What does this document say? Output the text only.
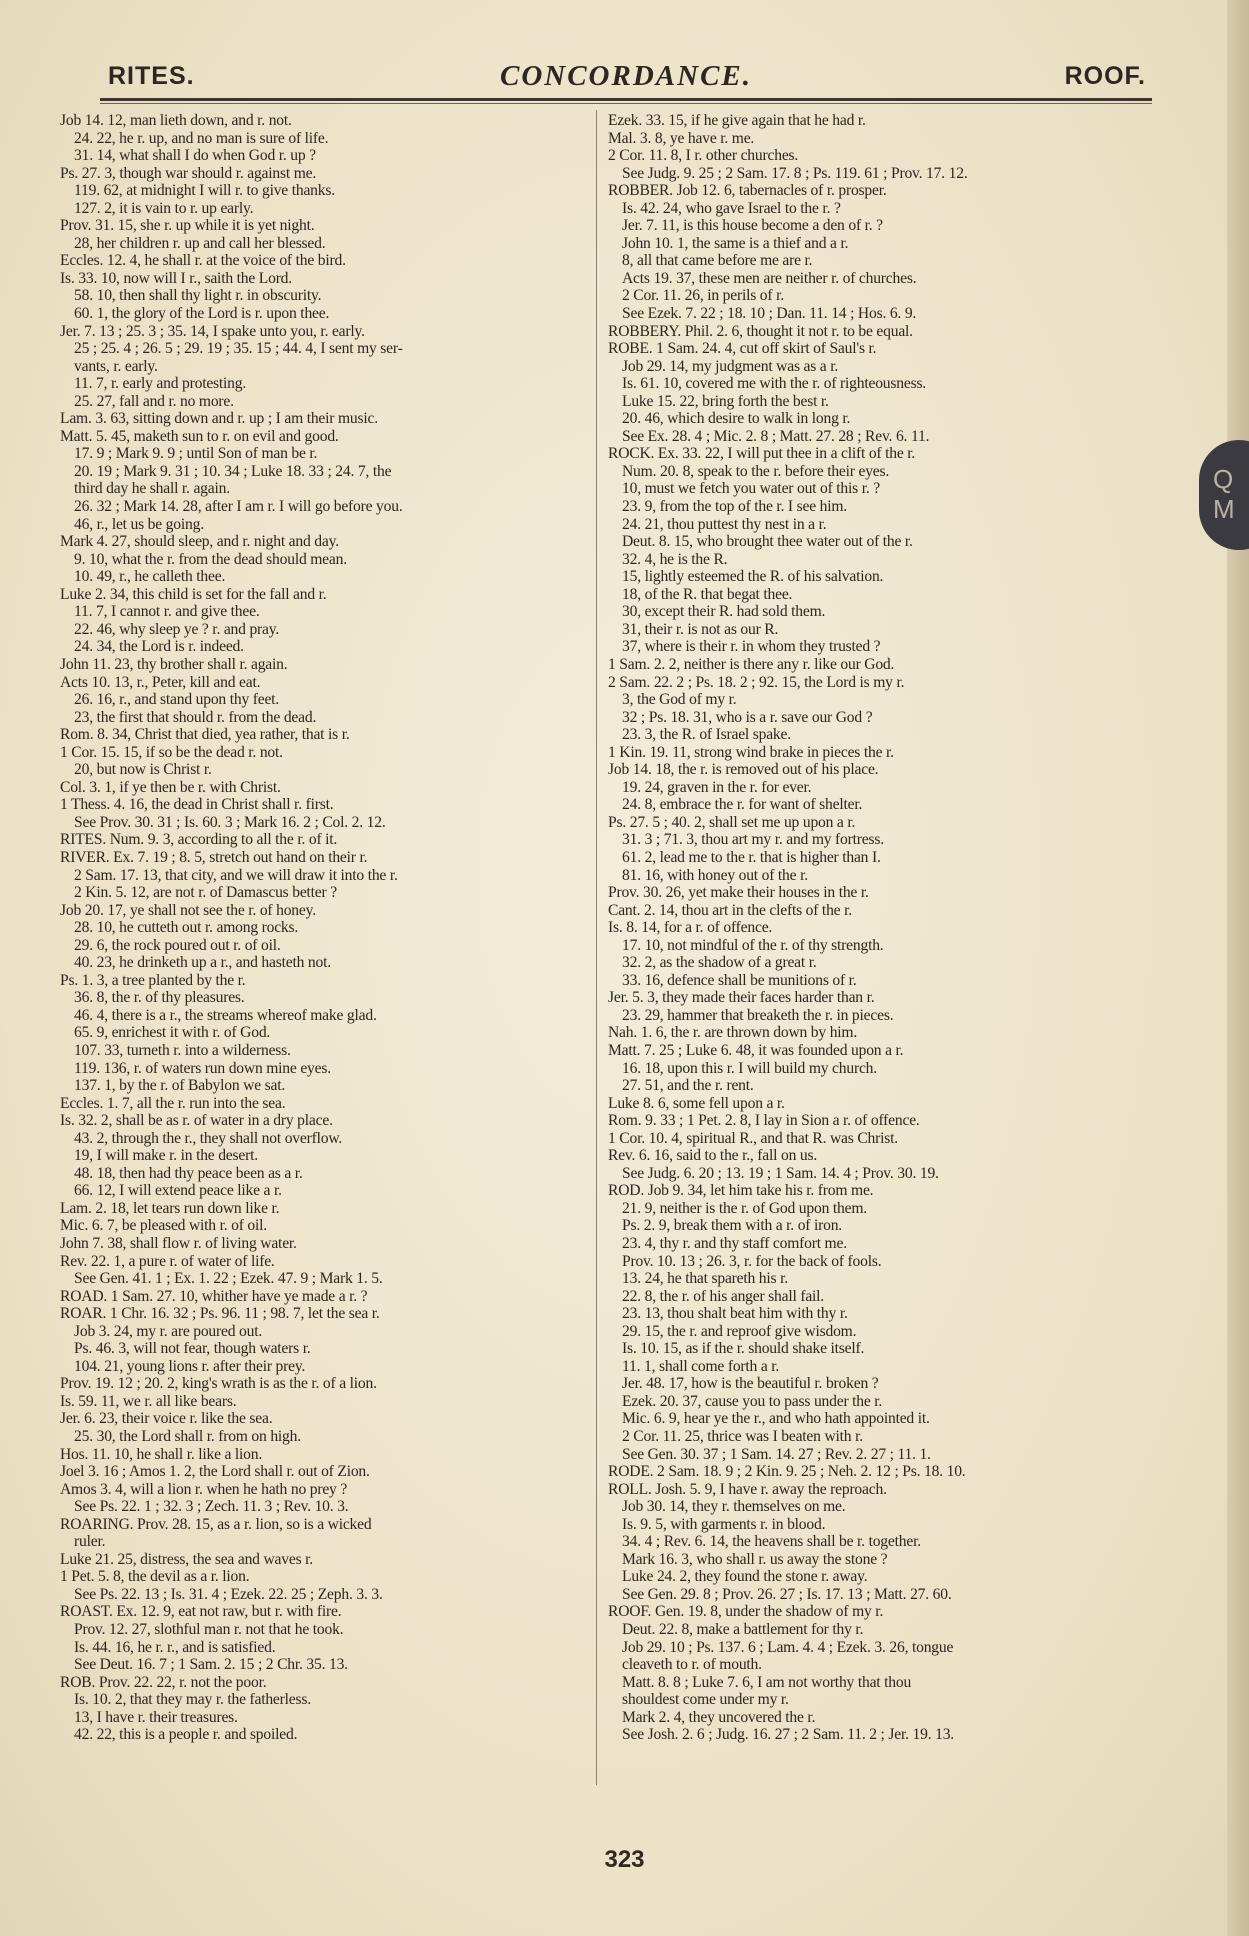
Q
M
RITES.	CONCORDANCE.	ROOF.
Job 14. 12, man lieth down, and r. not.
24. 22, he r. up, and no man is sure of life.
31. 14, what shall I do when God r. up ?
Ps. 27. 3, though war should r. against me.
119. 62, at midnight I will r. to give thanks.
127. 2, it is vain to r. up early.
Prov. 31. 15, she r. up while it is yet night.
28, her children r. up and call her blessed.
Eccles. 12. 4, he shall r. at the voice of the bird.
Is. 33. 10, now will I r., saith the Lord.
58. 10, then shall thy light r. in obscurity.
60. 1, the glory of the Lord is r. upon thee.
Jer. 7. 13 ; 25. 3 ; 35. 14, I spake unto you, r. early.
25 ; 25. 4 ; 26. 5 ; 29. 19 ; 35. 15 ; 44. 4, I sent my ser-
vants, r. early.
11. 7, r. early and protesting.
25. 27, fall and r. no more.
Lam. 3. 63, sitting down and r. up ; I am their music.
Matt. 5. 45, maketh sun to r. on evil and good.
17. 9 ; Mark 9. 9 ; until Son of man be r.
20. 19 ; Mark 9. 31 ; 10. 34 ; Luke 18. 33 ; 24. 7, the
third day he shall r. again.
26. 32 ; Mark 14. 28, after I am r. I will go before you.
46, r., let us be going.
Mark 4. 27, should sleep, and r. night and day.
9. 10, what the r. from the dead should mean.
10. 49, r., he calleth thee.
Luke 2. 34, this child is set for the fall and r.
11. 7, I cannot r. and give thee.
22. 46, why sleep ye ? r. and pray.
24. 34, the Lord is r. indeed.
John 11. 23, thy brother shall r. again.
Acts 10. 13, r., Peter, kill and eat.
26. 16, r., and stand upon thy feet.
23, the first that should r. from the dead.
Rom. 8. 34, Christ that died, yea rather, that is r.
1 Cor. 15. 15, if so be the dead r. not.
20, but now is Christ r.
Col. 3. 1, if ye then be r. with Christ.
1 Thess. 4. 16, the dead in Christ shall r. first.
See Prov. 30. 31 ; Is. 60. 3 ; Mark 16. 2 ; Col. 2. 12.
RITES. Num. 9. 3, according to all the r. of it.
RIVER. Ex. 7. 19 ; 8. 5, stretch out hand on their r.
2 Sam. 17. 13, that city, and we will draw it into the r.
2 Kin. 5. 12, are not r. of Damascus better ?
Job 20. 17, ye shall not see the r. of honey.
28. 10, he cutteth out r. among rocks.
29. 6, the rock poured out r. of oil.
40. 23, he drinketh up a r., and hasteth not.
Ps. 1. 3, a tree planted by the r.
36. 8, the r. of thy pleasures.
46. 4, there is a r., the streams whereof make glad.
65. 9, enrichest it with r. of God.
107. 33, turneth r. into a wilderness.
119. 136, r. of waters run down mine eyes.
137. 1, by the r. of Babylon we sat.
Eccles. 1. 7, all the r. run into the sea.
Is. 32. 2, shall be as r. of water in a dry place.
43. 2, through the r., they shall not overflow.
19, I will make r. in the desert.
48. 18, then had thy peace been as a r.
66. 12, I will extend peace like a r.
Lam. 2. 18, let tears run down like r.
Mic. 6. 7, be pleased with r. of oil.
John 7. 38, shall flow r. of living water.
Rev. 22. 1, a pure r. of water of life.
See Gen. 41. 1 ; Ex. 1. 22 ; Ezek. 47. 9 ; Mark 1. 5.
ROAD. 1 Sam. 27. 10, whither have ye made a r. ?
ROAR. 1 Chr. 16. 32 ; Ps. 96. 11 ; 98. 7, let the sea r.
Job 3. 24, my r. are poured out.
Ps. 46. 3, will not fear, though waters r.
104. 21, young lions r. after their prey.
Prov. 19. 12 ; 20. 2, king's wrath is as the r. of a lion.
Is. 59. 11, we r. all like bears.
Jer. 6. 23, their voice r. like the sea.
25. 30, the Lord shall r. from on high.
Hos. 11. 10, he shall r. like a lion.
Joel 3. 16 ; Amos 1. 2, the Lord shall r. out of Zion.
Amos 3. 4, will a lion r. when he hath no prey ?
See Ps. 22. 1 ; 32. 3 ; Zech. 11. 3 ; Rev. 10. 3.
ROARING. Prov. 28. 15, as a r. lion, so is a wicked
ruler.
Luke 21. 25, distress, the sea and waves r.
1 Pet. 5. 8, the devil as a r. lion.
See Ps. 22. 13 ; Is. 31. 4 ; Ezek. 22. 25 ; Zeph. 3. 3.
ROAST. Ex. 12. 9, eat not raw, but r. with fire.
Prov. 12. 27, slothful man r. not that he took.
Is. 44. 16, he r. r., and is satisfied.
See Deut. 16. 7 ; 1 Sam. 2. 15 ; 2 Chr. 35. 13.
ROB. Prov. 22. 22, r. not the poor.
Is. 10. 2, that they may r. the fatherless.
13, I have r. their treasures.
42. 22, this is a people r. and spoiled.
Ezek. 33. 15, if he give again that he had r.
Mal. 3. 8, ye have r. me.
2 Cor. 11. 8, I r. other churches.
See Judg. 9. 25 ; 2 Sam. 17. 8 ; Ps. 119. 61 ; Prov. 17. 12.
ROBBER. Job 12. 6, tabernacles of r. prosper.
Is. 42. 24, who gave Israel to the r. ?
Jer. 7. 11, is this house become a den of r. ?
John 10. 1, the same is a thief and a r.
8, all that came before me are r.
Acts 19. 37, these men are neither r. of churches.
2 Cor. 11. 26, in perils of r.
See Ezek. 7. 22 ; 18. 10 ; Dan. 11. 14 ; Hos. 6. 9.
ROBBERY. Phil. 2. 6, thought it not r. to be equal.
ROBE. 1 Sam. 24. 4, cut off skirt of Saul's r.
Job 29. 14, my judgment was as a r.
Is. 61. 10, covered me with the r. of righteousness.
Luke 15. 22, bring forth the best r.
20. 46, which desire to walk in long r.
See Ex. 28. 4 ; Mic. 2. 8 ; Matt. 27. 28 ; Rev. 6. 11.
ROCK. Ex. 33. 22, I will put thee in a clift of the r.
Num. 20. 8, speak to the r. before their eyes.
10, must we fetch you water out of this r. ?
23. 9, from the top of the r. I see him.
24. 21, thou puttest thy nest in a r.
Deut. 8. 15, who brought thee water out of the r.
32. 4, he is the R.
15, lightly esteemed the R. of his salvation.
18, of the R. that begat thee.
30, except their R. had sold them.
31, their r. is not as our R.
37, where is their r. in whom they trusted ?
1 Sam. 2. 2, neither is there any r. like our God.
2 Sam. 22. 2 ; Ps. 18. 2 ; 92. 15, the Lord is my r.
3, the God of my r.
32 ; Ps. 18. 31, who is a r. save our God ?
23. 3, the R. of Israel spake.
1 Kin. 19. 11, strong wind brake in pieces the r.
Job 14. 18, the r. is removed out of his place.
19. 24, graven in the r. for ever.
24. 8, embrace the r. for want of shelter.
Ps. 27. 5 ; 40. 2, shall set me up upon a r.
31. 3 ; 71. 3, thou art my r. and my fortress.
61. 2, lead me to the r. that is higher than I.
81. 16, with honey out of the r.
Prov. 30. 26, yet make their houses in the r.
Cant. 2. 14, thou art in the clefts of the r.
Is. 8. 14, for a r. of offence.
17. 10, not mindful of the r. of thy strength.
32. 2, as the shadow of a great r.
33. 16, defence shall be munitions of r.
Jer. 5. 3, they made their faces harder than r.
23. 29, hammer that breaketh the r. in pieces.
Nah. 1. 6, the r. are thrown down by him.
Matt. 7. 25 ; Luke 6. 48, it was founded upon a r.
16. 18, upon this r. I will build my church.
27. 51, and the r. rent.
Luke 8. 6, some fell upon a r.
Rom. 9. 33 ; 1 Pet. 2. 8, I lay in Sion a r. of offence.
1 Cor. 10. 4, spiritual R., and that R. was Christ.
Rev. 6. 16, said to the r., fall on us.
See Judg. 6. 20 ; 13. 19 ; 1 Sam. 14. 4 ; Prov. 30. 19.
ROD. Job 9. 34, let him take his r. from me.
21. 9, neither is the r. of God upon them.
Ps. 2. 9, break them with a r. of iron.
23. 4, thy r. and thy staff comfort me.
Prov. 10. 13 ; 26. 3, r. for the back of fools.
13. 24, he that spareth his r.
22. 8, the r. of his anger shall fail.
23. 13, thou shalt beat him with thy r.
29. 15, the r. and reproof give wisdom.
Is. 10. 15, as if the r. should shake itself.
11. 1, shall come forth a r.
Jer. 48. 17, how is the beautiful r. broken ?
Ezek. 20. 37, cause you to pass under the r.
Mic. 6. 9, hear ye the r., and who hath appointed it.
2 Cor. 11. 25, thrice was I beaten with r.
See Gen. 30. 37 ; 1 Sam. 14. 27 ; Rev. 2. 27 ; 11. 1.
RODE. 2 Sam. 18. 9 ; 2 Kin. 9. 25 ; Neh. 2. 12 ; Ps. 18. 10.
ROLL. Josh. 5. 9, I have r. away the reproach.
Job 30. 14, they r. themselves on me.
Is. 9. 5, with garments r. in blood.
34. 4 ; Rev. 6. 14, the heavens shall be r. together.
Mark 16. 3, who shall r. us away the stone ?
Luke 24. 2, they found the stone r. away.
See Gen. 29. 8 ; Prov. 26. 27 ; Is. 17. 13 ; Matt. 27. 60.
ROOF. Gen. 19. 8, under the shadow of my r.
Deut. 22. 8, make a battlement for thy r.
Job 29. 10 ; Ps. 137. 6 ; Lam. 4. 4 ; Ezek. 3. 26, tongue
cleaveth to r. of mouth.
Matt. 8. 8 ; Luke 7. 6, I am not worthy that thou
shouldest come under my r.
Mark 2. 4, they uncovered the r.
See Josh. 2. 6 ; Judg. 16. 27 ; 2 Sam. 11. 2 ; Jer. 19. 13.
323
